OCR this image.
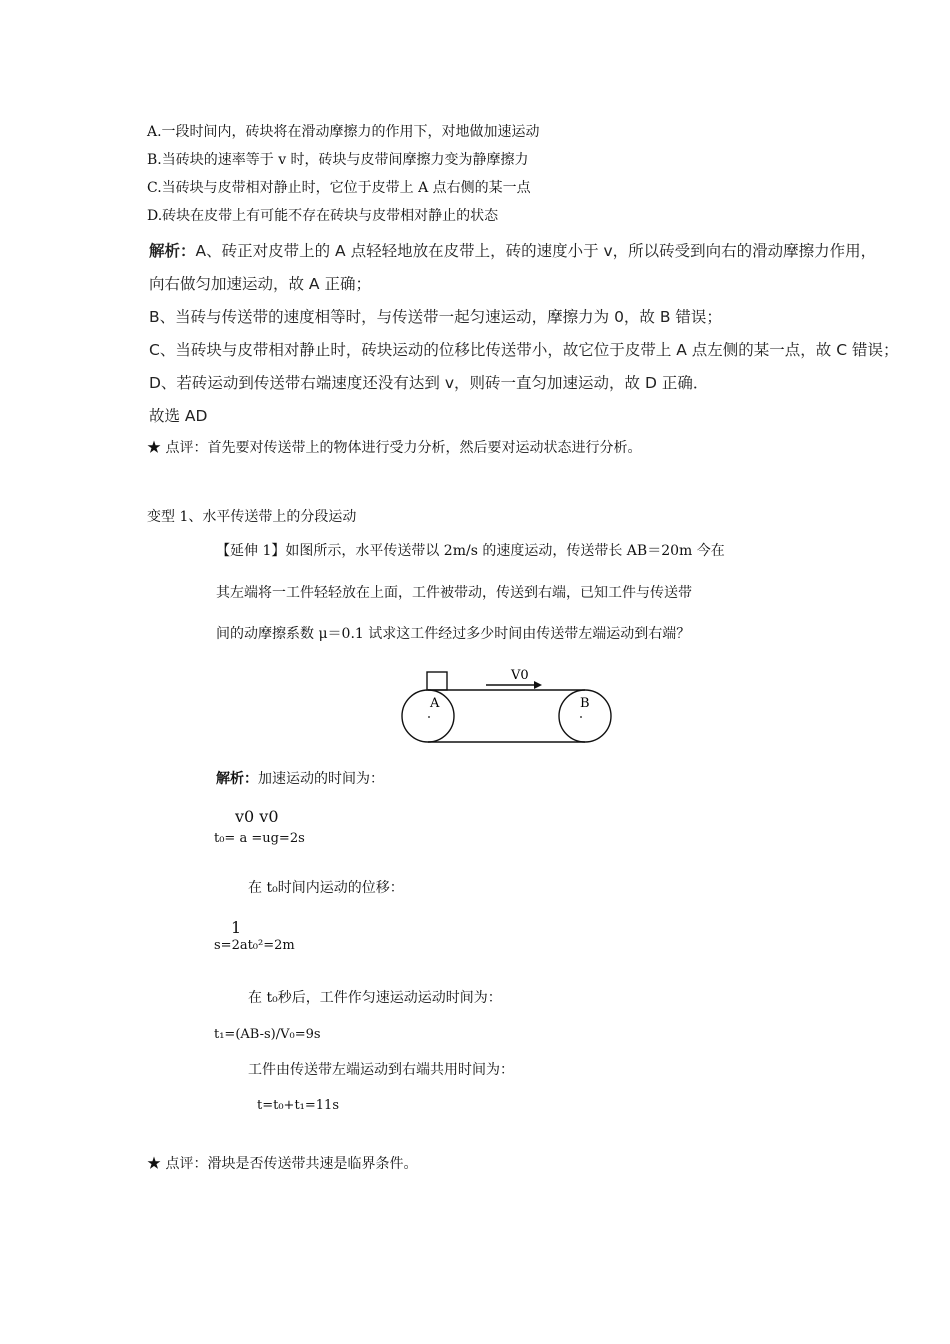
A.一段时间内，砖块将在滑动摩擦力的作用下，对地做加速运动
B.当砖块的速率等于 v 时，砖块与皮带间摩擦力变为静摩擦力
C.当砖块与皮带相对静止时，它位于皮带上 A 点右侧的某一点
D.砖块在皮带上有可能不存在砖块与皮带相对静止的状态
解析：A、砖正对皮带上的 A 点轻轻地放在皮带上，砖的速度小于 v，所以砖受到向右的滑动摩擦力作用，
向右做匀加速运动，故 A 正确；
B、当砖与传送带的速度相等时，与传送带一起匀速运动，摩擦力为 0，故 B 错误；
C、当砖块与皮带相对静止时，砖块运动的位移比传送带小，故它位于皮带上 A 点左侧的某一点，故 C 错误；
D、若砖运动到传送带右端速度还没有达到 v，则砖一直匀加速运动，故 D 正确．
故选 AD
★ 点评：首先要对传送带上的物体进行受力分析，然后要对运动状态进行分析。
变型 1、水平传送带上的分段运动
【延伸 1】如图所示，水平传送带以 2m/s 的速度运动，传送带长 AB＝20m 今在
其左端将一工件轻轻放在上面，工件被带动，传送到右端，已知工件与传送带
间的动摩擦系数 μ＝0.1 试求这工件经过多少时间由传送带左端运动到右端？
V0
A	B
解析：加速运动的时间为：
v0 v0
t₀= a =ug=2s
在 t₀时间内运动的位移：
1
s=2at₀²=2m
在 t₀秒后，工件作匀速运动运动时间为：
t₁=(AB-s)/V₀=9s
工件由传送带左端运动到右端共用时间为：
t=t₀+t₁=11s
★ 点评：滑块是否传送带共速是临界条件。
